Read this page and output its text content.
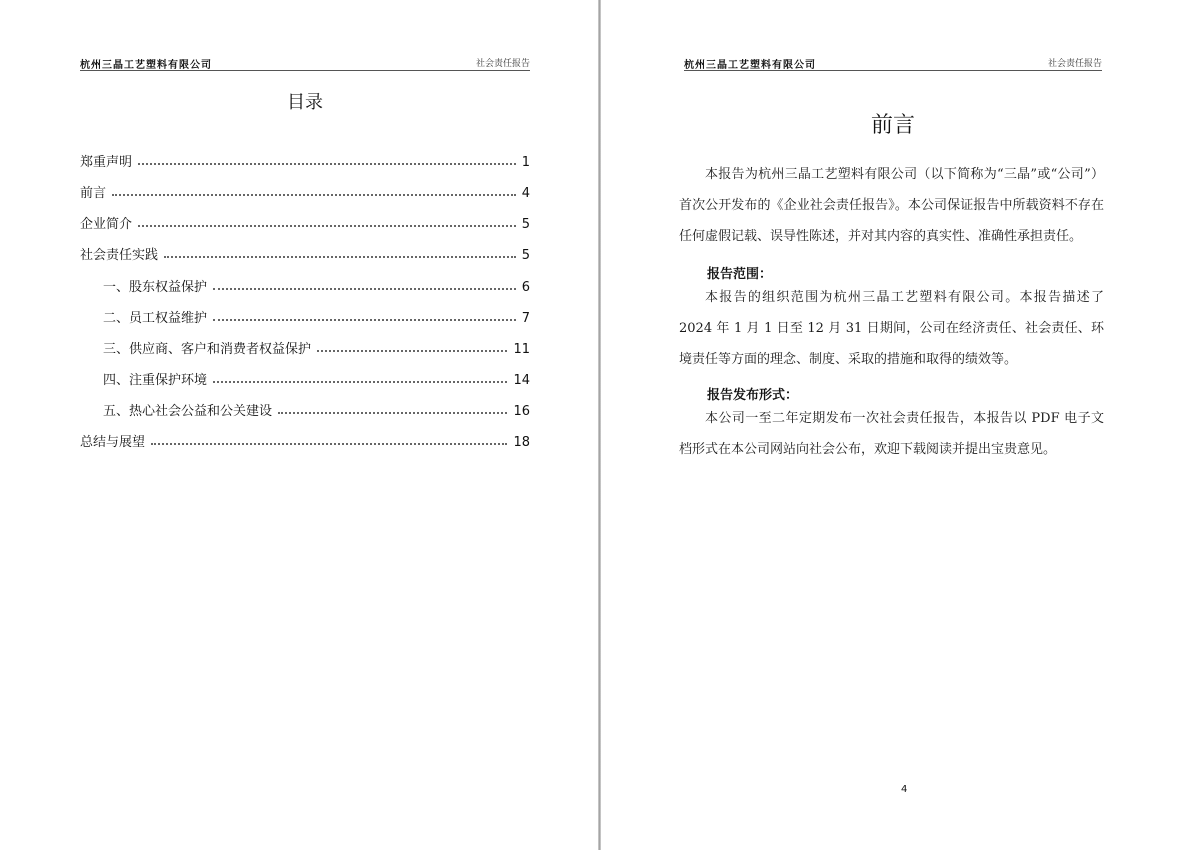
杭州三晶工艺塑料有限公司	社会责任报告
目录
郑重声明	1
前言	4
企业简介	5
社会责任实践	5
一、股东权益保护	6
二、员工权益维护	7
三、供应商、客户和消费者权益保护	11
四、注重保护环境	14
五、热心社会公益和公关建设	16
总结与展望	18
杭州三晶工艺塑料有限公司	社会责任报告
前言
本报告为杭州三晶工艺塑料有限公司（以下简称为“三晶”或“公司”）首次公开发布的《企业社会责任报告》。本公司保证报告中所载资料不存在任何虚假记载、误导性陈述，并对其内容的真实性、准确性承担责任。
报告范围：
本报告的组织范围为杭州三晶工艺塑料有限公司。本报告描述了 2024 年 1 月 1 日至 12 月 31 日期间，公司在经济责任、社会责任、环境责任等方面的理念、制度、采取的措施和取得的绩效等。
报告发布形式：
本公司一至二年定期发布一次社会责任报告，本报告以 PDF 电子文档形式在本公司网站向社会公布，欢迎下载阅读并提出宝贵意见。
4
